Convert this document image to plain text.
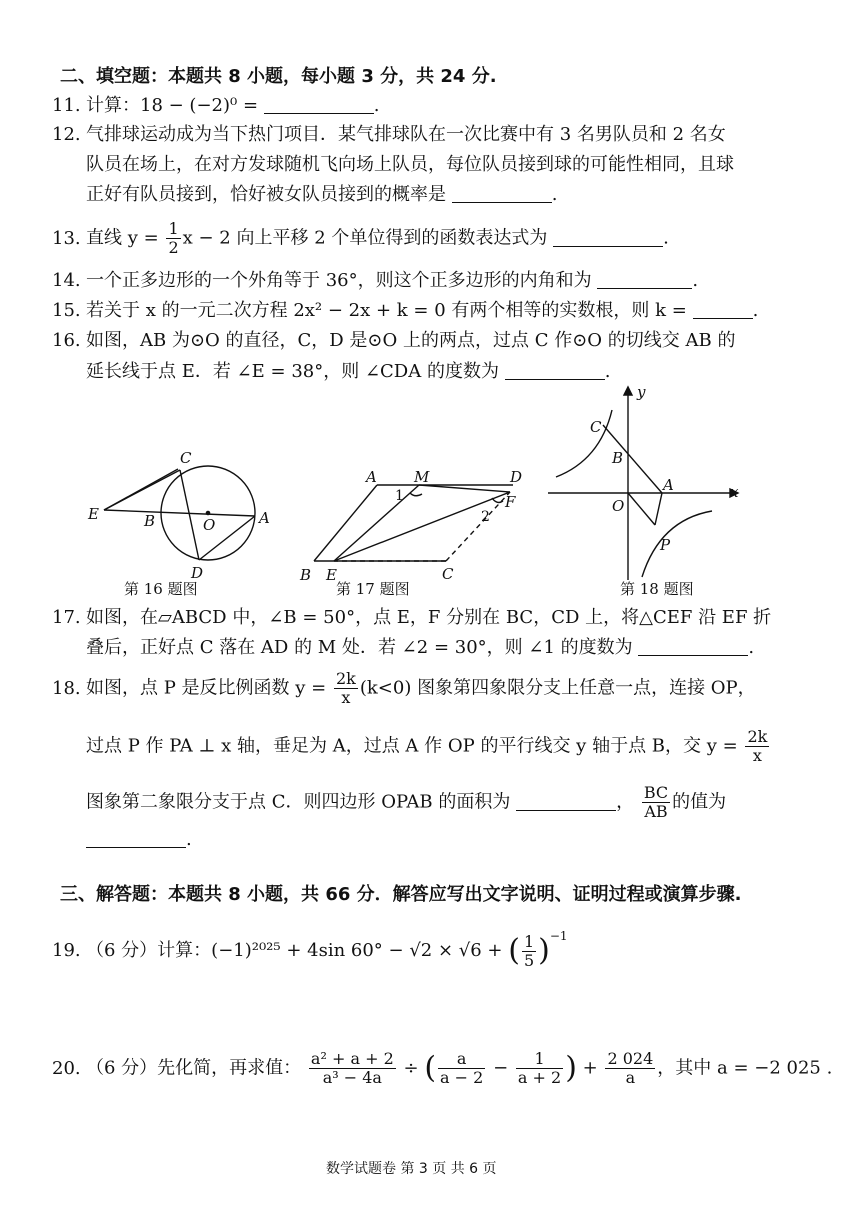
二、填空题：本题共 8 小题，每小题 3 分，共 24 分.
11. 计算：18 − (−2)⁰ =	.
12. 气排球运动成为当下热门项目．某气排球队在一次比赛中有 3 名男队员和 2 名女
队员在场上，在对方发球随机飞向场上队员，每位队员接到球的可能性相同，且球
正好有队员接到，恰好被女队员接到的概率是	.
13. 直线 $y = \frac{1}{2}$ x − 2 向上平移 2 个单位得到的函数表达式为	.
14. 一个正多边形的一个外角等于 36°，则这个正多边形的内角和为	.
15. 若关于 x 的一元二次方程 2x² − 2x + k = 0 有两个相等的实数根，则 k =	.
16. 如图，AB 为⊙O 的直径，C，D 是⊙O 上的两点，过点 C 作⊙O 的切线交 AB 的
延长线于点 E．若 ∠E = 38°，则 ∠CDA 的度数为	.
C
E	B	O	A
D
第 16 题图
A M	D
F
1
2
B E	C
第 17 题图
y
x
C
B
A
O
P
第 18 题图
17. 如图，在▱ABCD 中，∠B = 50°，点 E，F 分别在 BC，CD 上，将△CEF 沿 EF 折
叠后，正好点 C 落在 AD 的 M 处．若 ∠2 = 30°，则 ∠1 的度数为	.
18. 如图，点 P 是反比例函数 $y = \frac{2k}{x} (k<0)$ 图象第四象限分支上任意一点，连接 OP，
过点 P 作 PA ⊥ x 轴，垂足为 A，过点 A 作 OP 的平行线交 y 轴于点 B，交 $y = \frac{2k}{x}$
图象第二象限分支于点 C．则四边形 OPAB 的面积为	， $\frac{BC}{AB}$ 的值为
.
三、解答题：本题共 8 小题，共 66 分．解答应写出文字说明、证明过程或演算步骤.
19. （6 分）计算：(−1)²⁰²⁵ + 4sin 60° − √2 × √6 + ( $\frac{1}{5} )^{-1}$
20. （6 分）先化简，再求值： $\frac{\text{a² + a + 2}}{\text{a³ − 4a}}$ ÷ ( $\frac{a}{a - 2} - \frac{1}{a + 2}$ ) + $\frac{2 024}{a}$ ，其中 a = −2 025 .
数学试题卷 第 3 页 共 6 页
